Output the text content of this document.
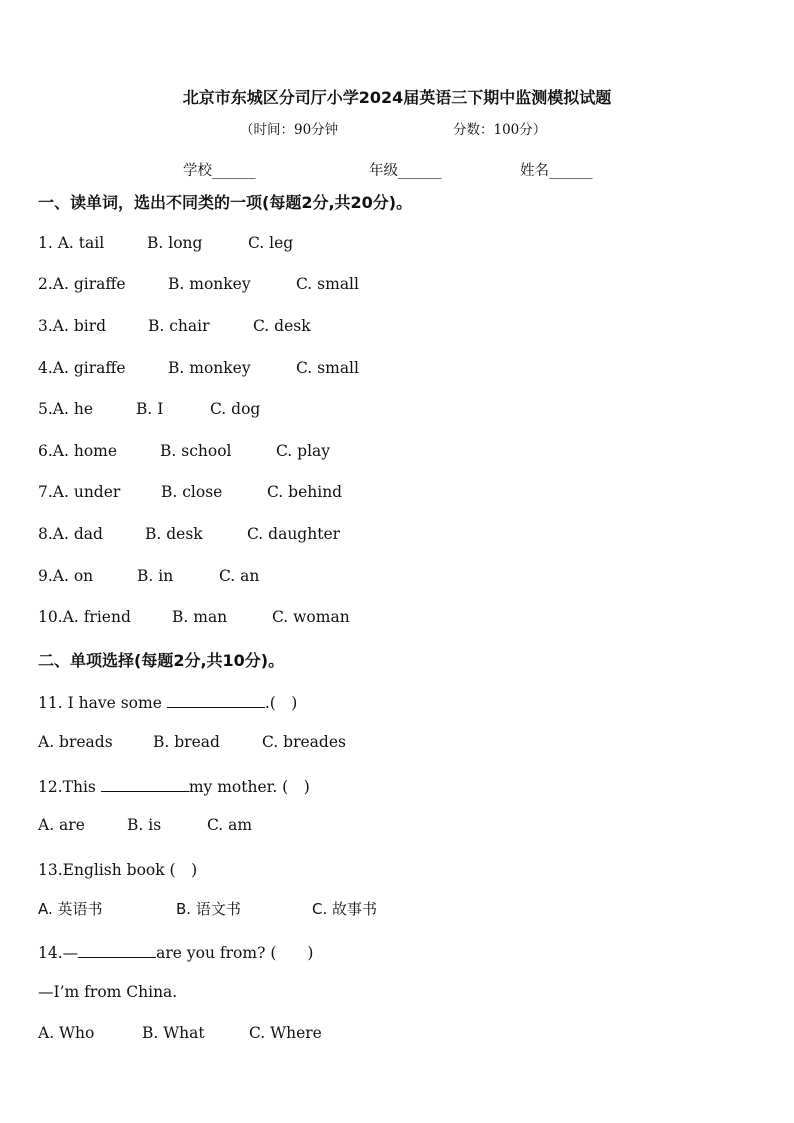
北京市东城区分司厅小学2024届英语三下期中监测模拟试题
（时间：90分钟	分数：100分）
学校______	年级______	姓名______
一、读单词，选出不同类的一项(每题2分,共20分)。
1. A. tail	B. long	C. leg
2.A. giraffe	B. monkey	C. small
3.A. bird	B. chair	C. desk
4.A. giraffe	B. monkey	C. small
5.A. he	B. I	C. dog
6.A. home	B. school	C. play
7.A. under	B. close	C. behind
8.A. dad	B. desk	C. daughter
9.A. on	B. in	C. an
10.A. friend	B. man	C. woman
二、单项选择(每题2分,共10分)。
11. I have some	.(　)
A. breads	B. bread	C. breades
12.This	my mother. (　)
A. are	B. is	C. am
13.English book (　)
A. 英语书	B. 语文书	C. 故事书
14.—	are you from? (　　)
—I’m from China.
A. Who	B. What	C. Where
